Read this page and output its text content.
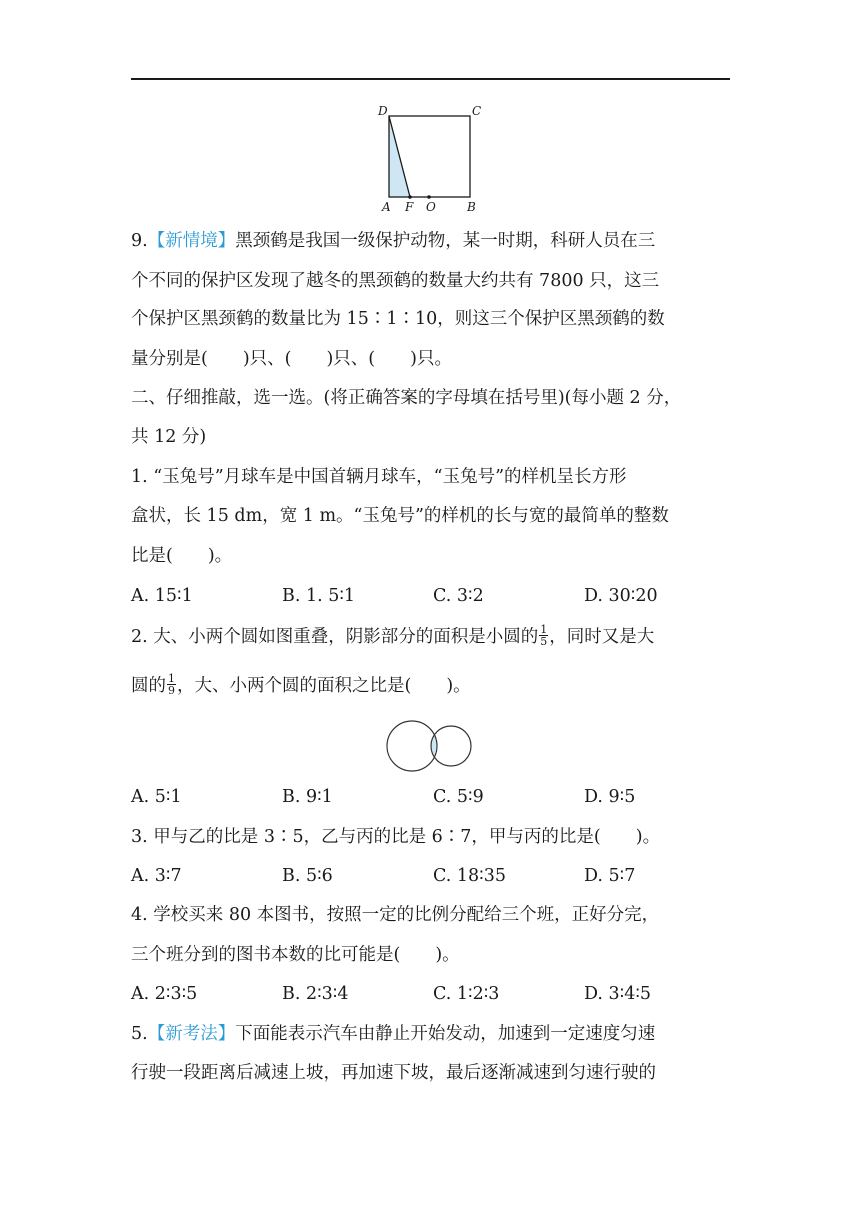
D	C
A F O	B
9.【新情境】黑颈鹤是我国一级保护动物，某一时期，科研人员在三
个不同的保护区发现了越冬的黑颈鹤的数量大约共有 7800 只，这三
个保护区黑颈鹤的数量比为 15∶1∶10，则这三个保护区黑颈鹤的数
量分别是(　　)只、(　　)只、(　　)只。
二、仔细推敲，选一选。(将正确答案的字母填在括号里)(每小题 2 分，
共 12 分)
1. “玉兔号”月球车是中国首辆月球车，“玉兔号”的样机呈长方形
盒状，长 15 dm，宽 1 m。“玉兔号”的样机的长与宽的最简单的整数
比是(　　)。
A. 15∶1	B. 1. 5∶1	C. 3∶2	D. 30∶20
2. 大、小两个圆如图重叠，阴影部分的面积是小圆的 $\frac{1}{5}$ ，同时又是大
圆的 $\frac{1}{9}$ ，大、小两个圆的面积之比是(　　)。
A. 5∶1	B. 9∶1	C. 5∶9	D. 9∶5
3. 甲与乙的比是 3∶5，乙与丙的比是 6∶7，甲与丙的比是(　　)。
A. 3∶7	B. 5∶6	C. 18∶35	D. 5∶7
4. 学校买来 80 本图书，按照一定的比例分配给三个班，正好分完，
三个班分到的图书本数的比可能是(　　)。
A. 2∶3∶5	B. 2∶3∶4	C. 1∶2∶3	D. 3∶4∶5
5.【新考法】下面能表示汽车由静止开始发动，加速到一定速度匀速
行驶一段距离后减速上坡，再加速下坡，最后逐渐减速到匀速行驶的
